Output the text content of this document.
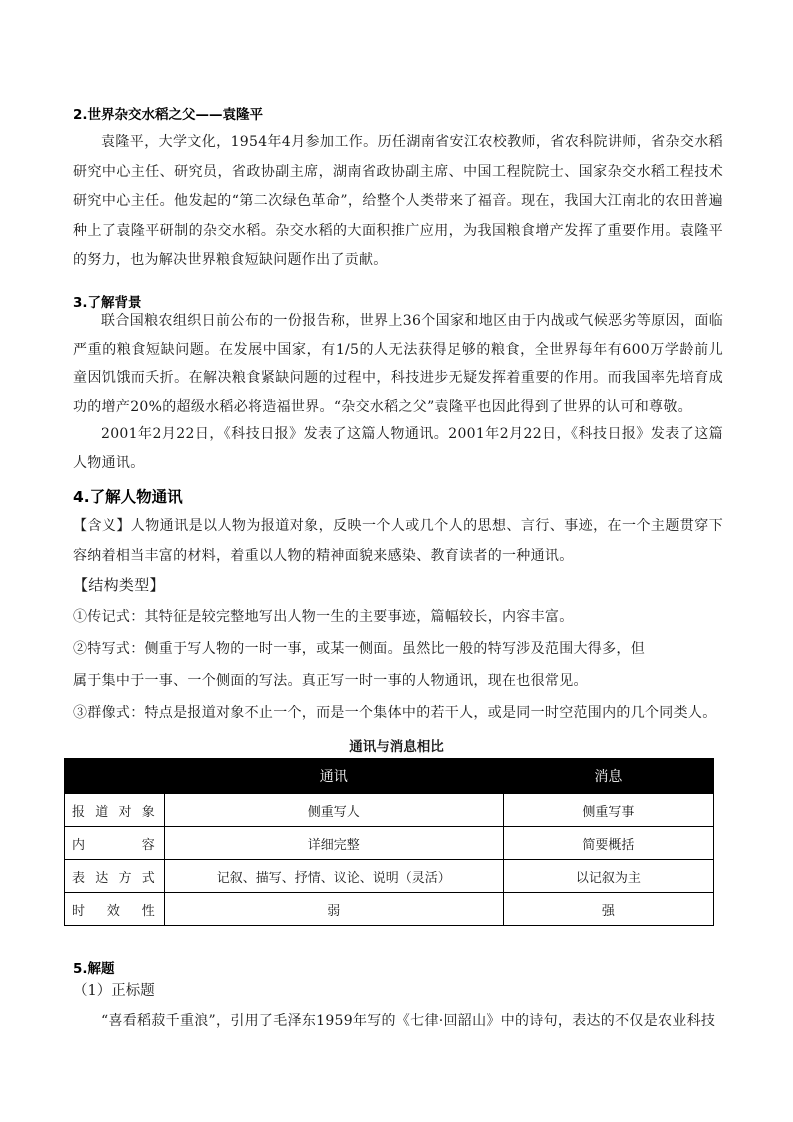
2.世界杂交水稻之父——袁隆平

袁隆平，大学文化，1954年4月参加工作。历任湖南省安江农校教师，省农科院讲师，省杂交水稻研究中心主任、研究员，省政协副主席，湖南省政协副主席、中国工程院院士、国家杂交水稻工程技术研究中心主任。他发起的“第二次绿色革命”，给整个人类带来了福音。现在，我国大江南北的农田普遍种上了袁隆平研制的杂交水稻。杂交水稻的大面积推广应用，为我国粮食增产发挥了重要作用。袁隆平的努力，也为解决世界粮食短缺问题作出了贡献。

3.了解背景

联合国粮农组织日前公布的一份报告称，世界上36个国家和地区由于内战或气候恶劣等原因，面临严重的粮食短缺问题。在发展中国家，有1/5的人无法获得足够的粮食，全世界每年有600万学龄前儿童因饥饿而夭折。在解决粮食紧缺问题的过程中，科技进步无疑发挥着重要的作用。而我国率先培育成功的增产20%的超级水稻必将造福世界。“杂交水稻之父”袁隆平也因此得到了世界的认可和尊敬。

2001年2月22日，《科技日报》发表了这篇人物通讯。2001年2月22日，《科技日报》发表了这篇人物通讯。

4.了解人物通讯

【含义】人物通讯是以人物为报道对象，反映一个人或几个人的思想、言行、事迹，在一个主题贯穿下容纳着相当丰富的材料，着重以人物的精神面貌来感染、教育读者的一种通讯。

【结构类型】
①传记式：其特征是较完整地写出人物一生的主要事迹，篇幅较长，内容丰富。
②特写式：侧重于写人物的一时一事，或某一侧面。虽然比一般的特写涉及范围大得多，但
属于集中于一事、一个侧面的写法。真正写一时一事的人物通讯，现在也很常见。
③群像式：特点是报道对象不止一个，而是一个集体中的若干人，或是同一时空范围内的几个同类人。
通讯与消息相比
	通讯	消息
报道对象	侧重写人	侧重写事
内容	详细完整	简要概括
表达方式	记叙、描写、抒情、议论、说明（灵活）	以记叙为主
时效性	弱	强
5.解题
（1）正标题

“喜看稻菽千重浪”，引用了毛泽东1959年写的《七律·回韶山》中的诗句，表达的不仅是农业科技
